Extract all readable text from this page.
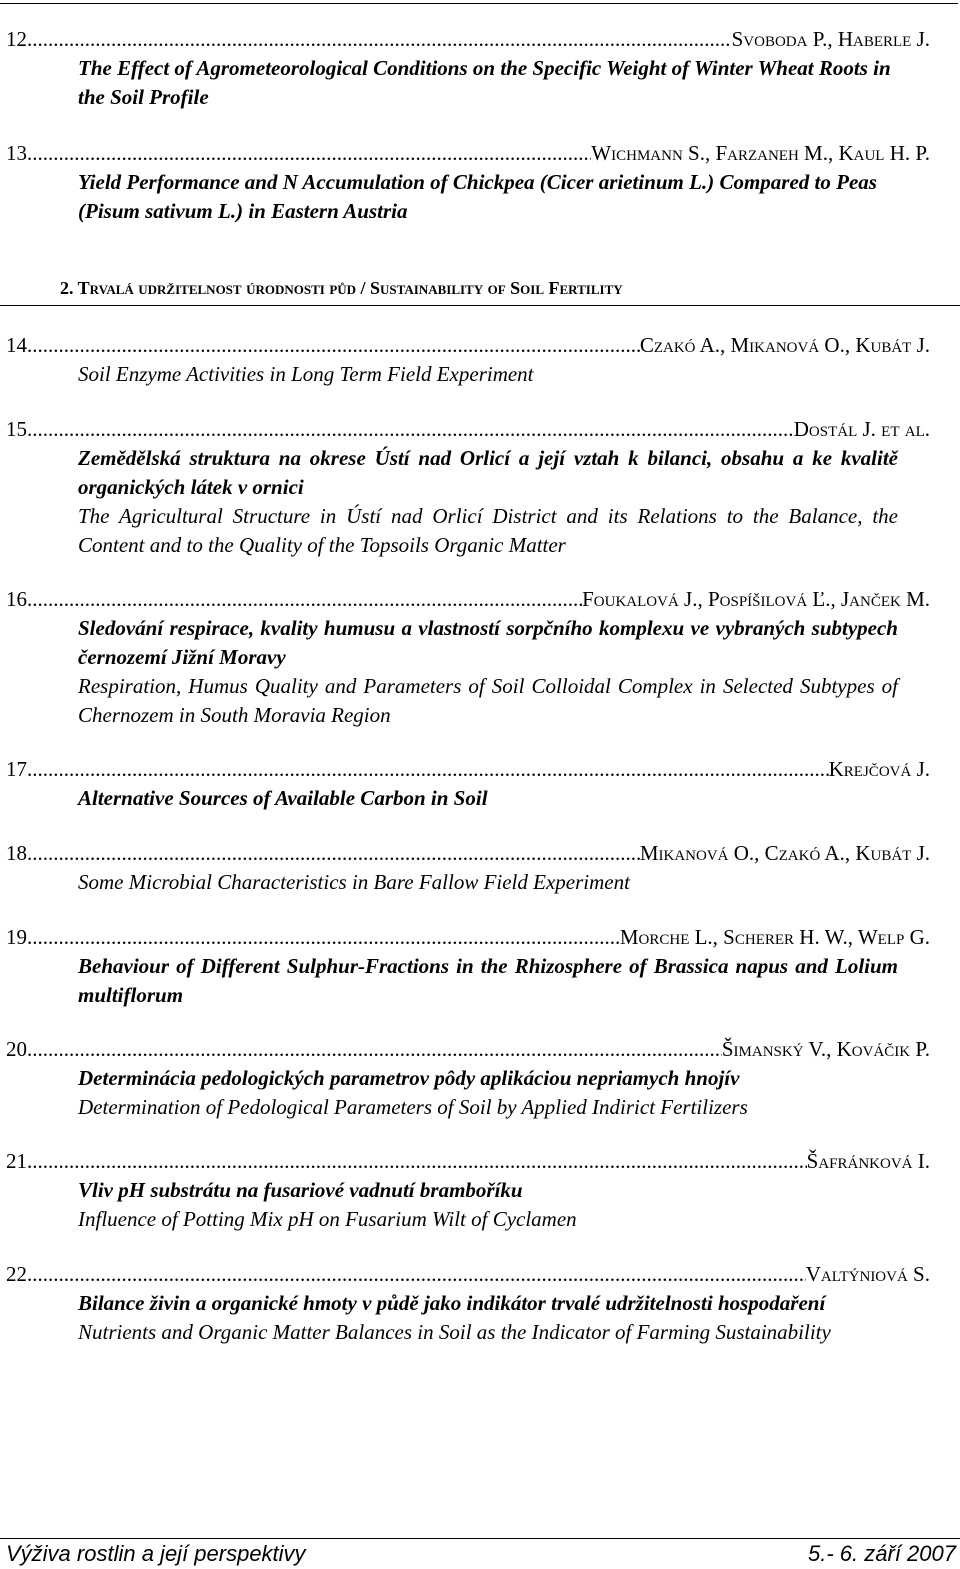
12. .....	Svoboda P., Haberle J.
The Effect of Agrometeorological Conditions on the Specific Weight of Winter Wheat Roots in the Soil Profile
13. .....	Wichmann S., Farzaneh M., Kaul H. P.
Yield Performance and N Accumulation of Chickpea (Cicer arietinum L.) Compared to Peas (Pisum sativum L.) in Eastern Austria
2. Trvalá udržitelnost úrodnosti půd / Sustainability of Soil Fertility
14. .....	Czakó A., Mikanová O., Kubát J.
Soil Enzyme Activities in Long Term Field Experiment
15. .....	Dostál J. et al.
Zemědělská struktura na okrese Ústí nad Orlicí a její vztah k bilanci, obsahu a ke kvalitě organických látek v ornici
The Agricultural Structure in Ústí nad Orlicí District and its Relations to the Balance, the Content and to the Quality of the Topsoils Organic Matter
16. .....	Foukalová J., Pospíšilová Ľ., Janček M.
Sledování respirace, kvality humusu a vlastností sorpčního komplexu ve vybraných subtypech černozemí Jižní Moravy
Respiration, Humus Quality and Parameters of Soil Colloidal Complex in Selected Subtypes of Chernozem in South Moravia Region
17. .....	Krejčová J.
Alternative Sources of Available Carbon in Soil
18. .....	Mikanová O., Czakó A., Kubát J.
Some Microbial Characteristics in Bare Fallow Field Experiment
19. .....	Morche L., Scherer H. W., Welp G.
Behaviour of Different Sulphur-Fractions in the Rhizosphere of Brassica napus and Lolium multiflorum
20. .....	Šimanský V., Kováčik P.
Determinácia pedologických parametrov pôdy aplikáciou nepriamych hnojív
Determination of Pedological Parameters of Soil by Applied Indirict Fertilizers
21. .....	Šafránková I.
Vliv pH substrátu na fusariové vadnutí bramboříku
Influence of Potting Mix pH on Fusarium Wilt of Cyclamen
22. .....	Valtýniová S.
Bilance živin a organické hmoty v půdě jako indikátor trvalé udržitelnosti hospodaření
Nutrients and Organic Matter Balances in Soil as the Indicator of Farming Sustainability
Výživa rostlin a její perspektivy	5.- 6. září 2007
